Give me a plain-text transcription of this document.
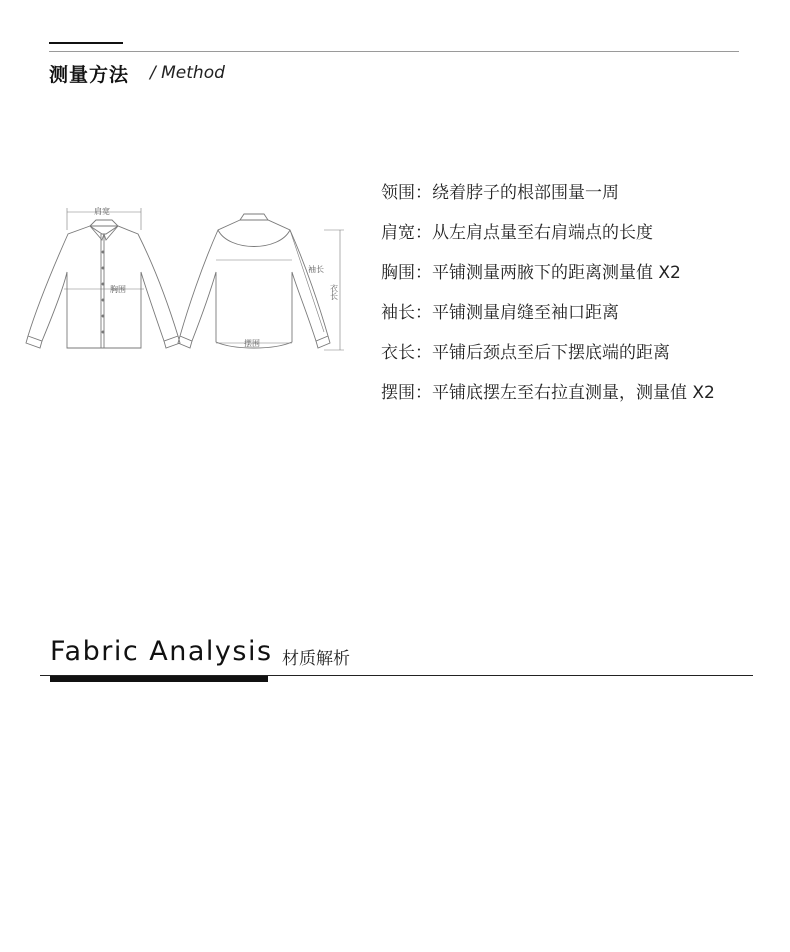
测量方法 / Method
肩宽
胸围
袖长
衣长
摆围
领围：绕着脖子的根部围量一周
肩宽：从左肩点量至右肩端点的长度
胸围：平铺测量两腋下的距离测量值 X2
袖长：平铺测量肩缝至袖口距离
衣长：平铺后颈点至后下摆底端的距离
摆围：平铺底摆左至右拉直测量，测量值 X2
Fabric Analysis 材质解析
